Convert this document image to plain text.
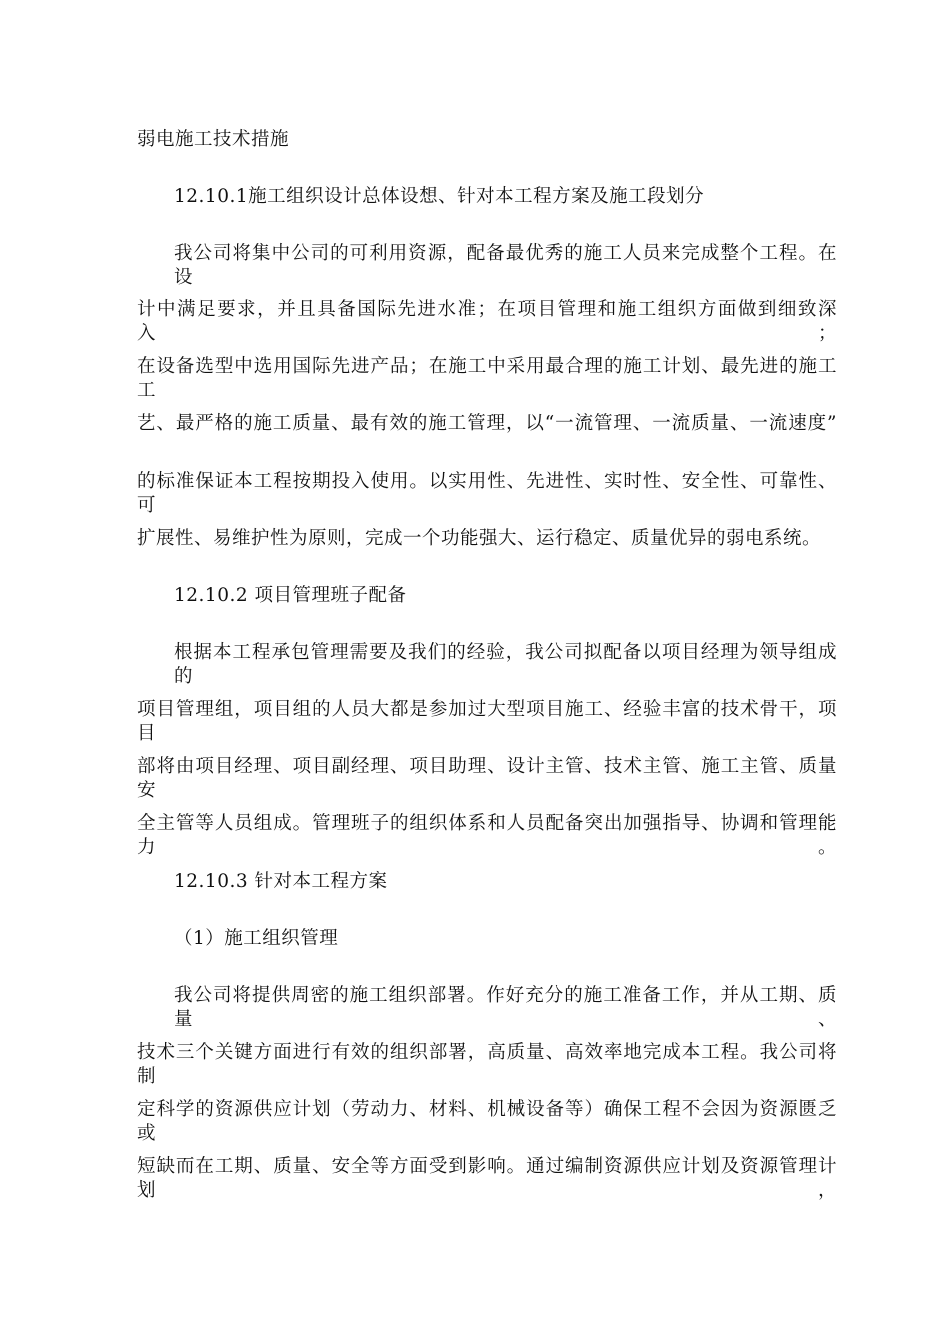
弱电施工技术措施
12.10.1施工组织设计总体设想、针对本工程方案及施工段划分
我公司将集中公司的可利用资源，配备最优秀的施工人员来完成整个工程。在设
计中满足要求，并且具备国际先进水准；在项目管理和施工组织方面做到细致深入；
在设备选型中选用国际先进产品；在施工中采用最合理的施工计划、最先进的施工工
艺、最严格的施工质量、最有效的施工管理，以“一流管理、一流质量、一流速度”
的标准保证本工程按期投入使用。以实用性、先进性、实时性、安全性、可靠性、可
扩展性、易维护性为原则，完成一个功能强大、运行稳定、质量优异的弱电系统。
12.10.2 项目管理班子配备
根据本工程承包管理需要及我们的经验，我公司拟配备以项目经理为领导组成的
项目管理组，项目组的人员大都是参加过大型项目施工、经验丰富的技术骨干，项目
部将由项目经理、项目副经理、项目助理、设计主管、技术主管、施工主管、质量安
全主管等人员组成。管理班子的组织体系和人员配备突出加强指导、协调和管理能力。
12.10.3 针对本工程方案
（1）施工组织管理
我公司将提供周密的施工组织部署。作好充分的施工准备工作，并从工期、质量、
技术三个关键方面进行有效的组织部署，高质量、高效率地完成本工程。我公司将制
定科学的资源供应计划（劳动力、材料、机械设备等）确保工程不会因为资源匮乏或
短缺而在工期、质量、安全等方面受到影响。通过编制资源供应计划及资源管理计划，
